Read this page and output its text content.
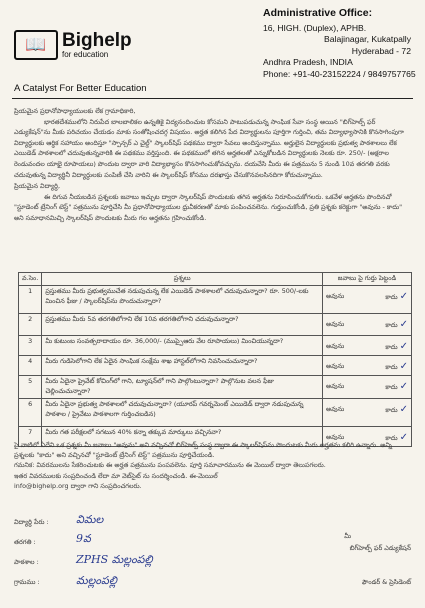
📖 Bighelp
for education
A Catalyst For Better Education
Administrative Office:
16, HIGH. (Duplex), APHB.
Balajinagar, Kukatpally
Hyderabad - 72
Andhra Pradesh, INDIA
Phone: +91-40-23152224 / 9849757765

ప్రియమైన ప్రధానోపాధ్యాయులకు లేక గ్రామాధికారి,

భారతదేశములోని నిరుపేద బాలబాలికల ఉన్నతికై విద్యనందించుట కోసమని పాటుపడుచున్న సాంఘిక సేవా సంస్థ అయిన "బిగ్‌హెల్ప్ ఫర్ ఎడ్యుకేషన్"ను మీకు పరిచయం చేయడం మాకు సంతోషించదగ్గ విషయం. అర్హత కలిగిన పేద విద్యార్థులను పూర్తిగా గుర్తించి, తమ విద్యాభ్యాసానికి కొనసాగింపుగా విద్యార్థులకు ఆర్థిక సహాయం అందిస్తూ "స్పాన్సర్ ఎ చైల్డ్" స్కాలర్‌షిప్ పథకము ద్వారా సేవలు అందిస్తున్నాము. అర్హులైన విద్యార్థులకు ప్రభుత్వ పాఠశాలలు లేక ఎయిడెడ్ పాఠశాలలో చదువుతున్నవారికి ఈ పథకము వర్తిస్తుంది. ఈ పథకములో తగిన అర్హతలతో ఎన్నుకోబడిన విద్యార్థులకు నెలకు రూ. 250/- (అక్షరాల రెండువందల యాభై రూపాయలు) పొందుట ద్వారా వారి విద్యాభ్యాసం కొనసాగించుకోవచ్చును. దయచేసి మీరు ఈ పత్రమును 5 నుండి 10వ తరగతి వరకు చదువుతున్న విద్యార్థినీ విద్యార్థులకు పంపిణీ చేసి వారిని ఈ స్కాలర్‌షిప్ కోసము దరఖాస్తు చేసుకొనవలసినదిగా కోరుచున్నాము.

ప్రియమైన విద్యార్థి,

ఈ దిగువ నీయబడిన ప్రశ్నలకు జవాబు ఇచ్చుట ద్వారా స్కాలర్‌షిప్ పొందుటకు తగిన అర్హతను నిరూపించుకోగలరు. ఒకవేళ అర్హతను పొందినచో "స్టూడెంట్ ట్రేనింగ్ టెస్ట్" పత్రమును పూర్తిచేసి మీ ప్రధానోపాధ్యాయుల ధ్రువీకరణతో మాకు పంపించవలెను. గుర్తుంచుకోండి, ప్రతి ప్రశ్నకు కరెక్టుగా "అవును - కాదు" అని సమాధానమిచ్చి స్కాలర్‌షిప్ పొందుటకు మీరు గల అర్హతను గ్రహించుకోండి.

వ.సెం.	ప్రశ్నలు	జవాబు పై గుర్తు పెట్టండి
1	ప్రస్తుతము మీరు ప్రభుత్వముచేత నడుపుచున్న లేక ఎయిడెడ్ పాఠశాలలో చదువుచున్నారా? రూ. 500/-లకు మించిన ఫీజు / స్కాలర్‌షిప్‌ను పొందుచున్నారా?	అవును కాదు ✓

2	ప్రస్తుతము మీరు 5వ తరగతిలోగాని లేక 10వ తరగతిలోగాని చదువుచున్నారా?	అవును కాదు ✓

3	మీ కుటుంబ సంవత్సరాదాయం రూ. 36,000/- (ముప్పైఆరు వేల రూపాయలు) మించియున్నదా?	అవును కాదు ✓

4	మీరు గుడిసెలోగాని లేక ఏదైన సాంఘిక సంక్షేమ శాఖ హాస్టల్‌లోగాని నివసించుచున్నారా?	అవును కాదు ✓

5	మీరు ఏదైనా ప్రైవేట్ కోచింగ్‌లో గాని, ట్యూషన్‌లో గాని పాల్గొంటున్నారా? పాల్గొనుట వలన ఫీజు చెల్లించుచున్నారా?	అవును కాదు ✓

6	మీరు ఏదైనా ప్రభుత్వ పాఠశాలలో చదువుచున్నారా? (యూరప్ గవర్నమెంట్ ఎయిడెడ్ ద్వారా నడుపుచున్న పాఠశాల / ప్రైవేటు పాఠశాలగా గుర్తించబడిన)	అవును కాదు ✓

7	మీరు గత పరీక్షలలో సగటున 40% కన్నా తక్కువ మార్కులు వచ్చినవా?	అవును కాదు ✓
పై వాటిలో ఏదేని ఒక ప్రశ్నకు మీ జవాబు "అవును" అని వచ్చినచో బిగ్‌హెల్ప్ సంస్థ ద్వారా ఈ స్కాలర్‌షిప్‌ను పొందుటకు మీరు అర్హతను కలిగి ఉన్నారు. అన్ని ప్రశ్నలకు "కాదు" అని వచ్చినచో "స్టూడెంట్ ట్రేనింగ్ టెస్ట్" పత్రమును పూర్తిచేయండి.
గమనిక: వివరములను సేకరించుటకు ఈ అర్హత పత్రమును పంపవలెను. పూర్తి సమాచారమును ఈ మెయిల్ ద్వారా తెలుపగలరు.
ఇతర వివరములకు సంప్రదించండి లేదా మా వెబ్‌సైట్ ను సందర్శించండి. ఈ-మెయిల్
info@bighelp.org ద్వారా గాని సంప్రదించగలరు.
విద్యార్థి పేరు : విమల
తరగతి :	9వ
పాఠశాల :	ZPHS మల్లంపల్లి
గ్రామము :	మల్లంపల్లి
మీ
బిగ్‌హెల్ప్ ఫర్ ఎడ్యుకేషన్
ఫౌండర్ & ప్రెసిడెంట్
